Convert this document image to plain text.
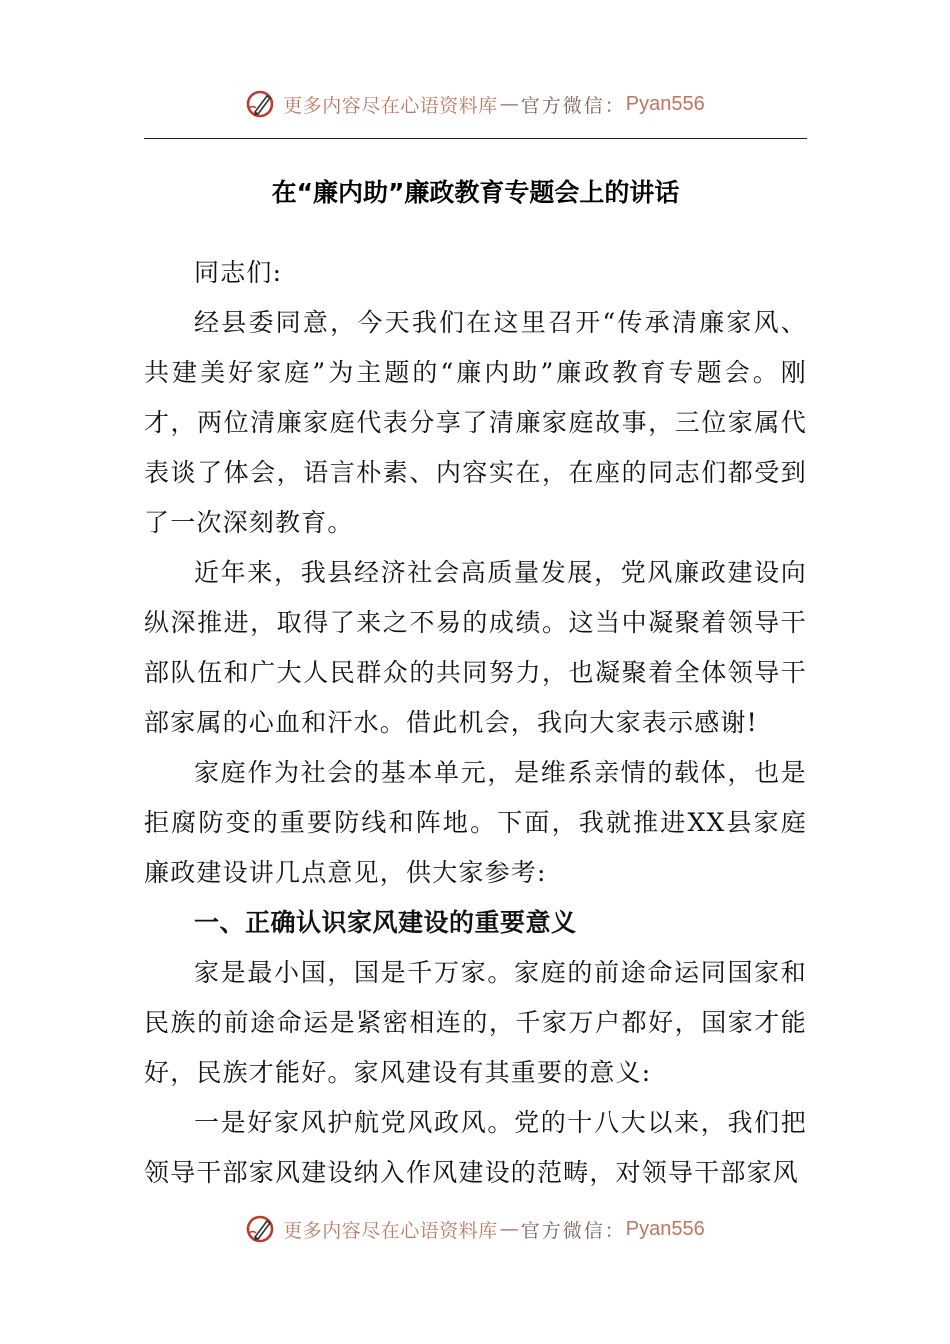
更多内容尽在心语资料库 — 官方微信： Pyan556
在“廉内助”廉政教育专题会上的讲话

同志们:

经县委同意，今天我们在这里召开“传承清廉家风、共建美好家庭”为主题的“廉内助”廉政教育专题会。刚才，两位清廉家庭代表分享了清廉家庭故事，三位家属代表谈了体会，语言朴素、内容实在，在座的同志们都受到了一次深刻教育。

近年来，我县经济社会高质量发展，党风廉政建设向纵深推进，取得了来之不易的成绩。这当中凝聚着领导干部队伍和广大人民群众的共同努力，也凝聚着全体领导干部家属的心血和汗水。借此机会，我向大家表示感谢!

家庭作为社会的基本单元，是维系亲情的载体，也是拒腐防变的重要防线和阵地。下面，我就推进XX县家庭廉政建设讲几点意见，供大家参考:

一、正确认识家风建设的重要意义

家是最小国，国是千万家。家庭的前途命运同国家和民族的前途命运是紧密相连的，千家万户都好，国家才能好，民族才能好。家风建设有其重要的意义:

一是好家风护航党风政风。党的十八大以来，我们把领导干部家风建设纳入作风建设的范畴，对领导干部家风

更多内容尽在心语资料库 — 官方微信： Pyan556
